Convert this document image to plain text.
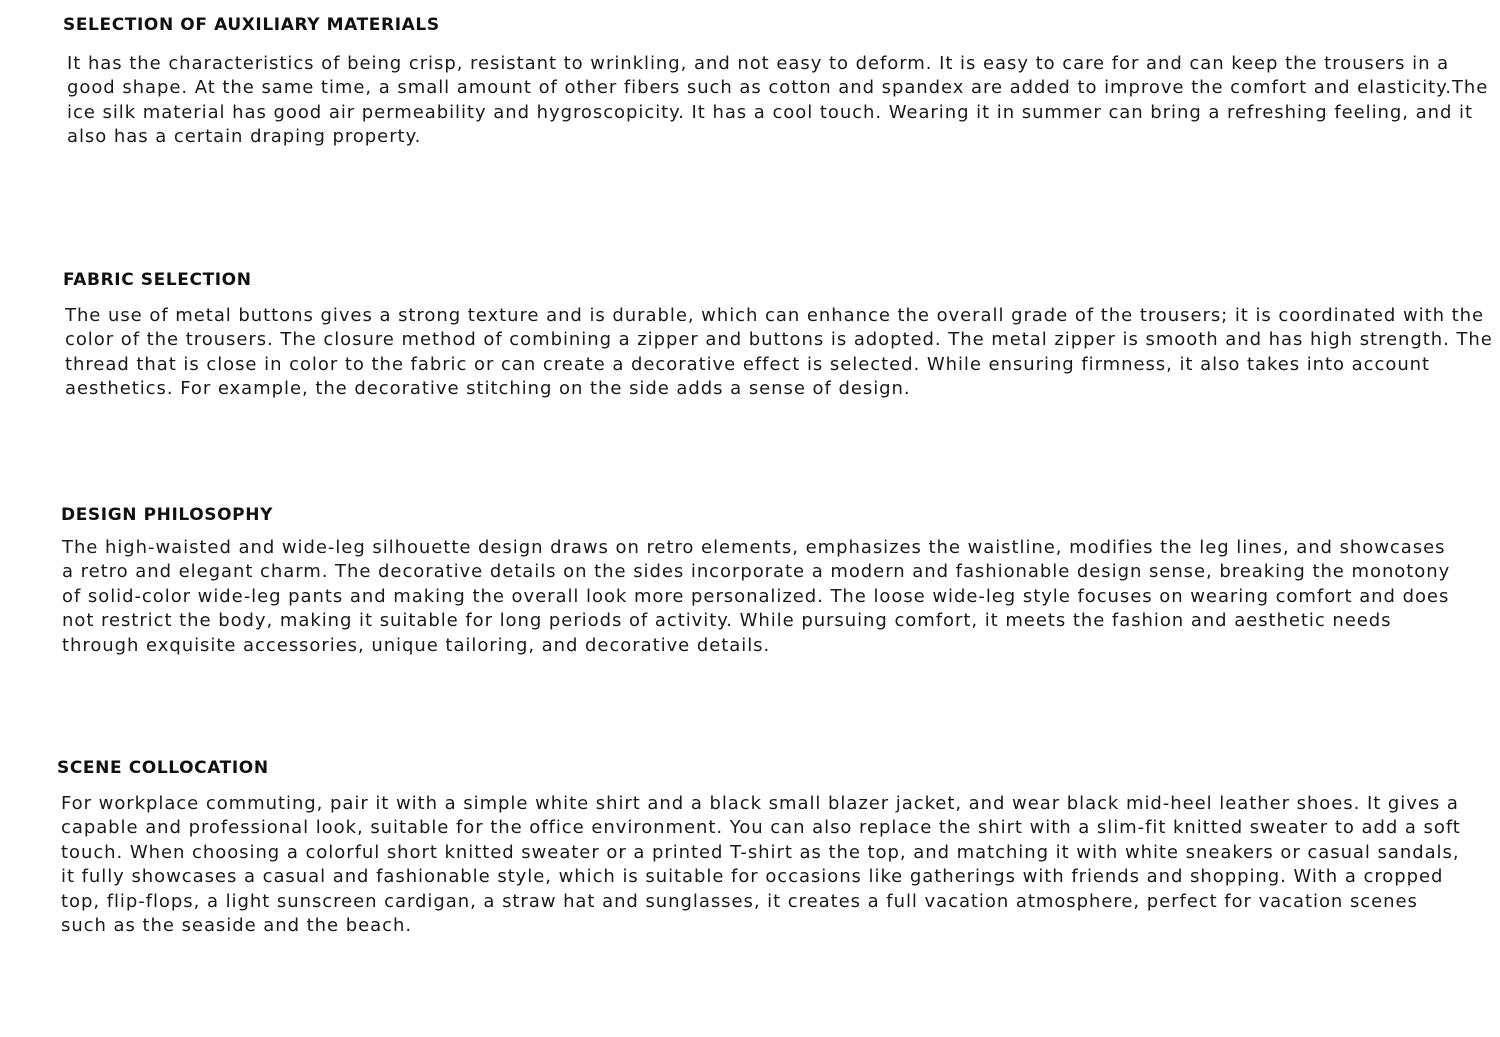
SELECTION OF AUXILIARY MATERIALS

It has the characteristics of being crisp, resistant to wrinkling, and not easy to deform. It is easy to care for and can keep the trousers in a good shape. At the same time, a small amount of other fibers such as cotton and spandex are added to improve the comfort and elasticity.The ice silk material has good air permeability and hygroscopicity. It has a cool touch. Wearing it in summer can bring a refreshing feeling, and it also has a certain draping property.

FABRIC SELECTION

The use of metal buttons gives a strong texture and is durable, which can enhance the overall grade of the trousers; it is coordinated with the color of the trousers. The closure method of combining a zipper and buttons is adopted. The metal zipper is smooth and has high strength. The thread that is close in color to the fabric or can create a decorative effect is selected. While ensuring firmness, it also takes into account aesthetics. For example, the decorative stitching on the side adds a sense of design.

DESIGN PHILOSOPHY

The high-waisted and wide-leg silhouette design draws on retro elements, emphasizes the waistline, modifies the leg lines, and showcases a retro and elegant charm. The decorative details on the sides incorporate a modern and fashionable design sense, breaking the monotony of solid-color wide-leg pants and making the overall look more personalized. The loose wide-leg style focuses on wearing comfort and does not restrict the body, making it suitable for long periods of activity. While pursuing comfort, it meets the fashion and aesthetic needs through exquisite accessories, unique tailoring, and decorative details.

SCENE COLLOCATION

For workplace commuting, pair it with a simple white shirt and a black small blazer jacket, and wear black mid-heel leather shoes. It gives a capable and professional look, suitable for the office environment. You can also replace the shirt with a slim-fit knitted sweater to add a soft touch. When choosing a colorful short knitted sweater or a printed T-shirt as the top, and matching it with white sneakers or casual sandals, it fully showcases a casual and fashionable style, which is suitable for occasions like gatherings with friends and shopping. With a cropped top, flip-flops, a light sunscreen cardigan, a straw hat and sunglasses, it creates a full vacation atmosphere, perfect for vacation scenes such as the seaside and the beach.
